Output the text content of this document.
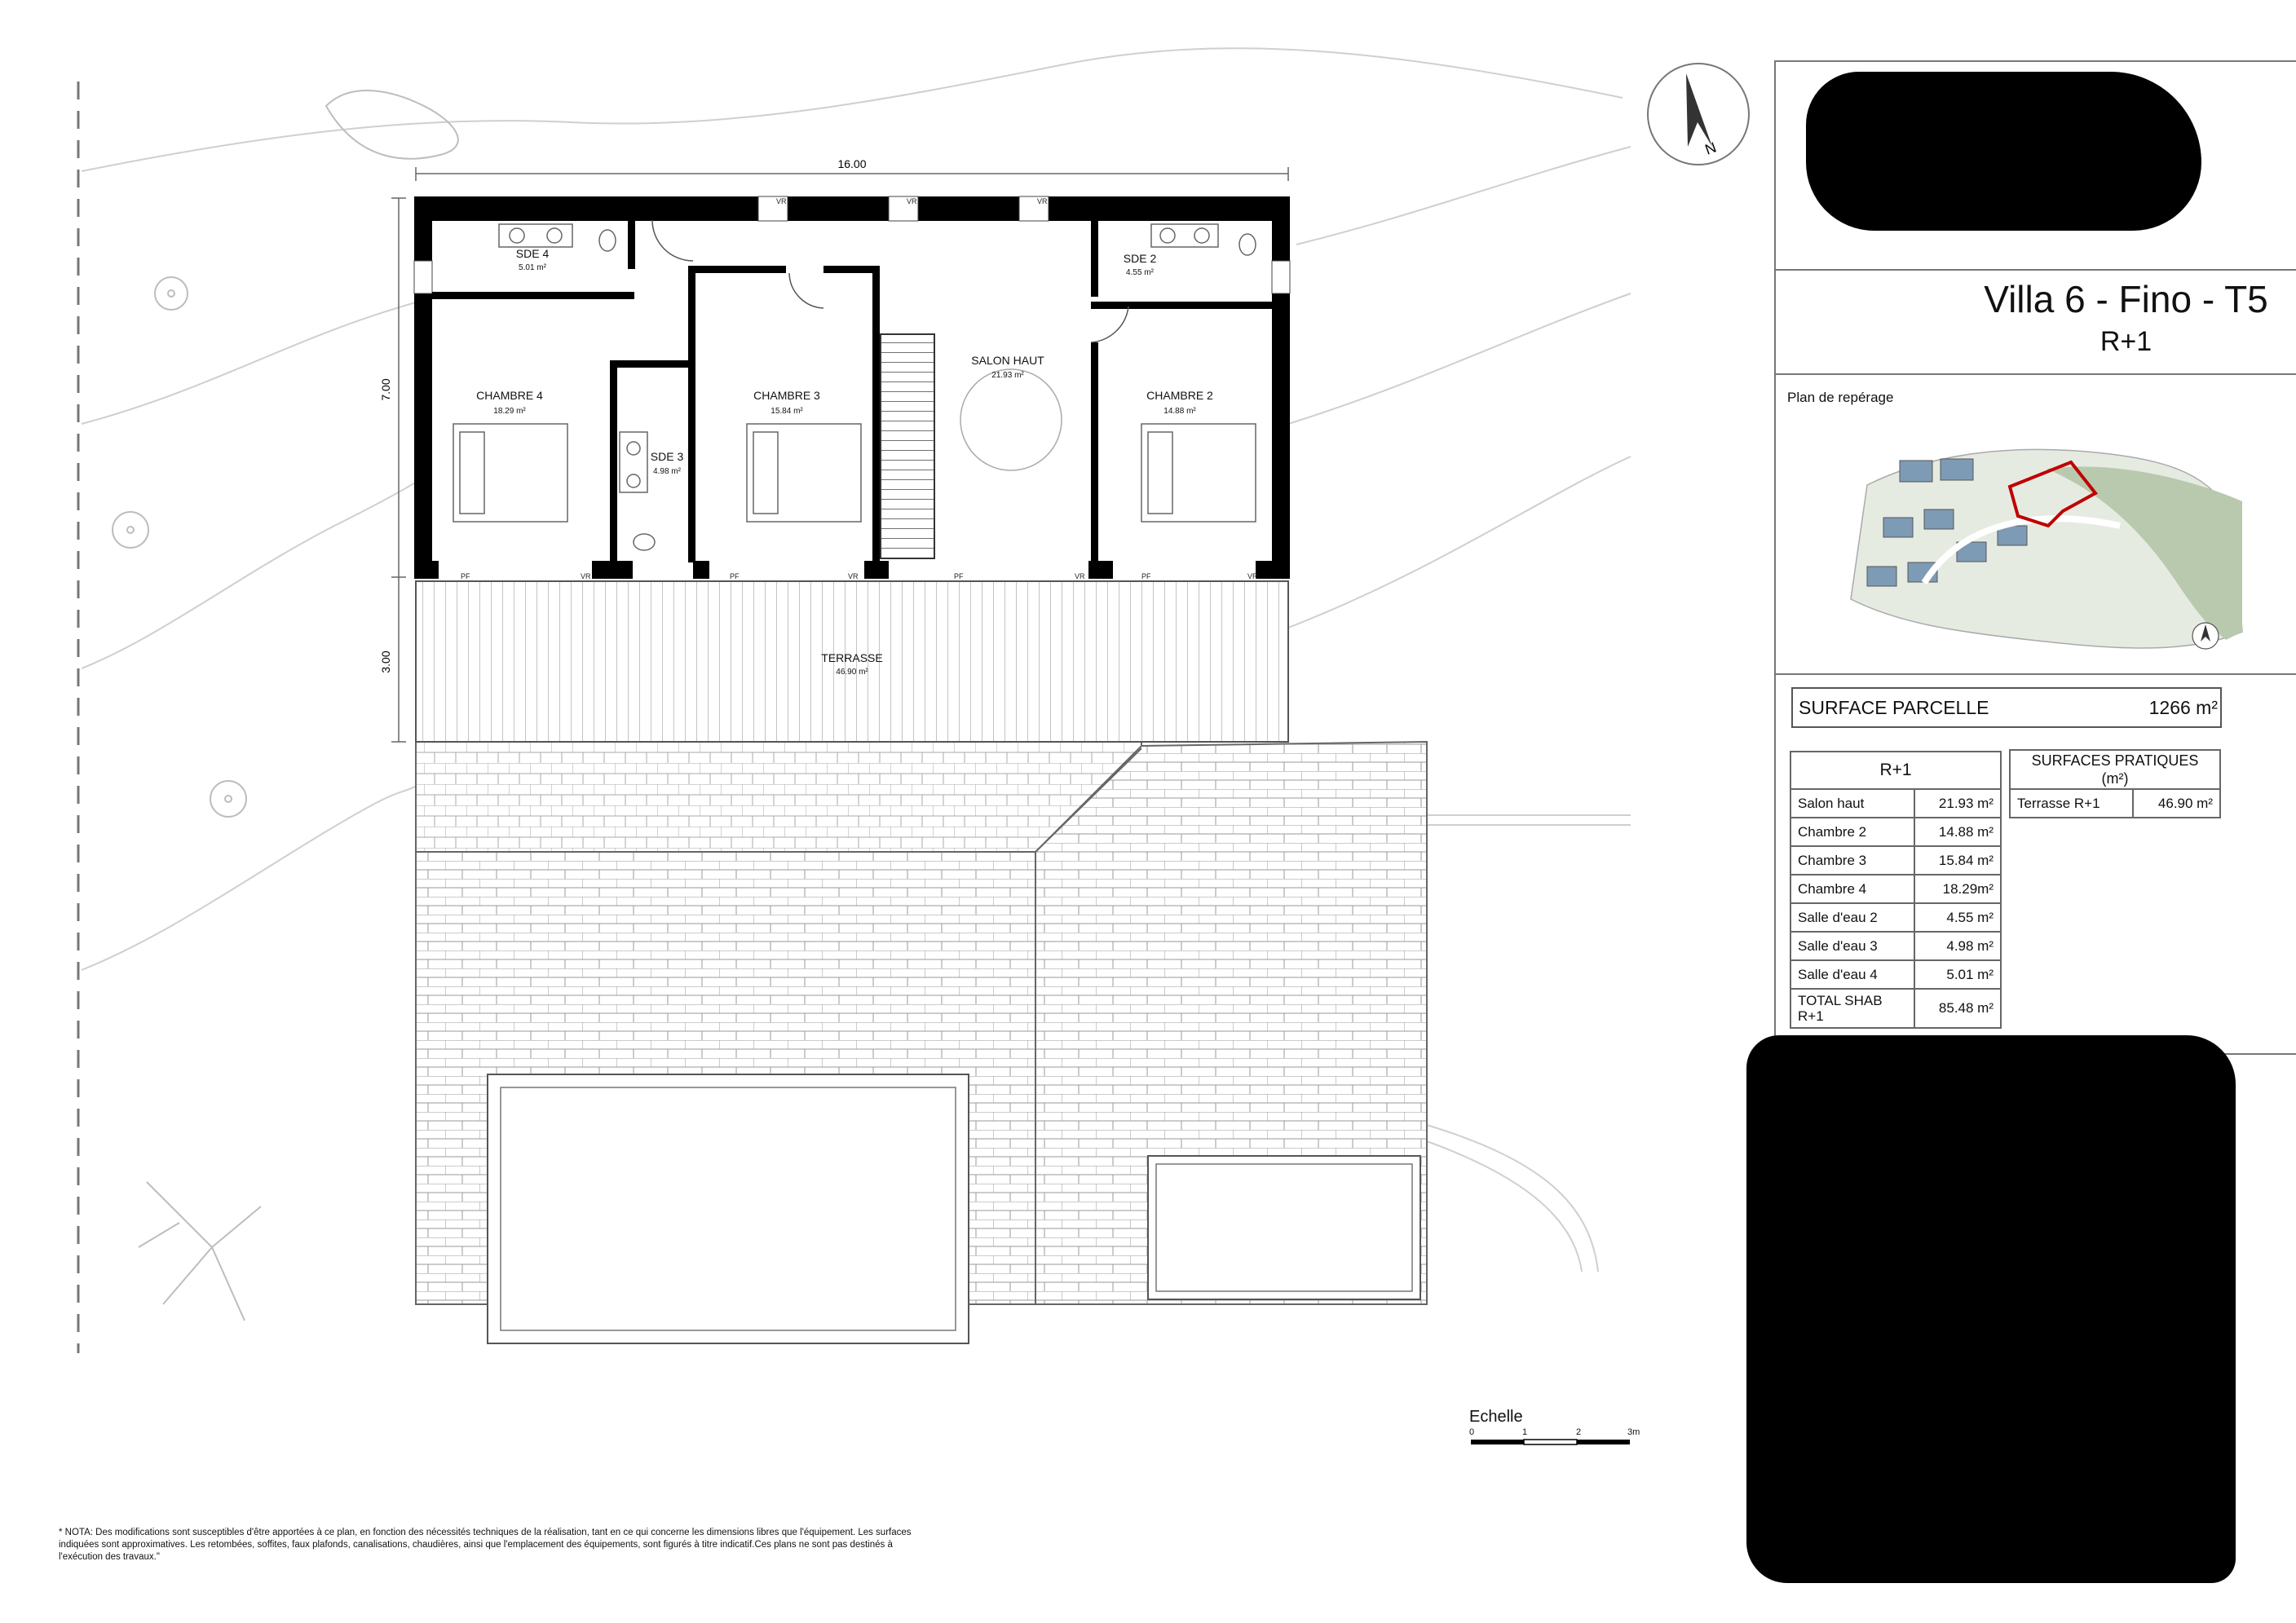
16.00
7.00
3.00
CHAMBRE 4
18.29 m²
CHAMBRE 3
15.84 m²
CHAMBRE 2
14.88 m²
SALON HAUT
21.93 m²
SDE 4
5.01 m²
SDE 3
4.98 m²
SDE 2
4.55 m²
TERRASSE
46.90 m²
VR	VR	VR
PF	VR	PF	VR	PF	VR	PF	VR
N
Echelle
0	1	2	3m
* NOTA: Des modifications sont susceptibles d'être apportées à ce plan, en fonction des nécessités techniques de la réalisation, tant en ce qui concerne les dimensions libres que l'équipement. Les surfaces
indiquées sont approximatives. Les retombées, soffites, faux plafonds, canalisations, chaudières, ainsi que l'emplacement des équipements, sont figurés à titre indicatif.Ces plans ne sont pas destinés à
l'exécution des travaux."
Villa 6 - Fino - T5
R+1
Plan de repérage
SURFACE PARCELLE	1266 m²
R+1	
Salon haut	21.93 m²
Chambre 2	14.88 m²
Chambre 3	15.84 m²
Chambre 4	18.29m²
Salle d'eau 2	4.55 m²
Salle d'eau 3	4.98 m²
Salle d'eau 4	5.01 m²
TOTAL SHAB
R+1	85.48 m²
SURFACES PRATIQUES
(m²)
Terrasse R+1	46.90 m²
